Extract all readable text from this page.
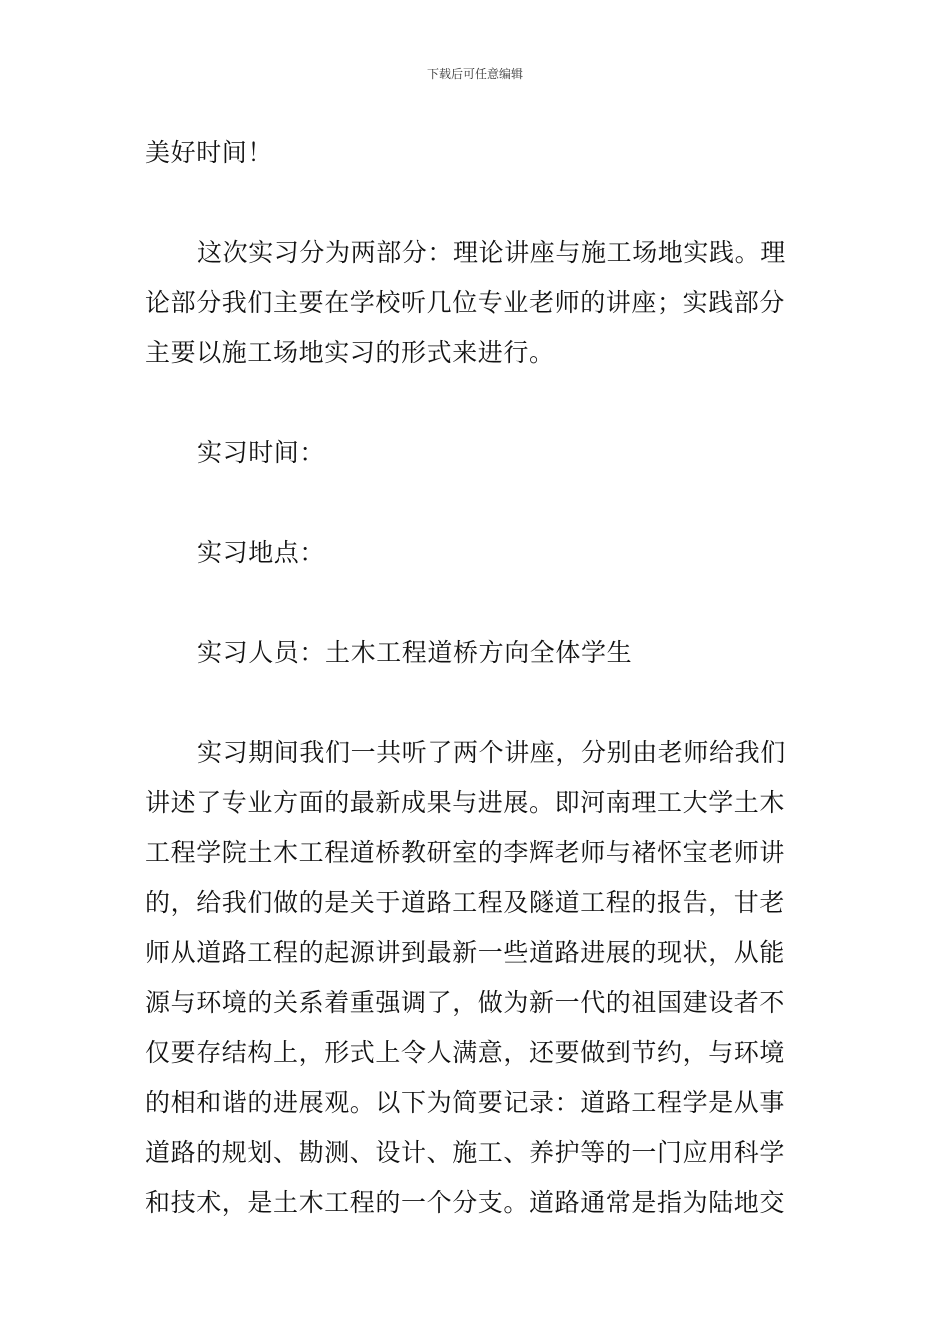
下载后可任意编辑

美好时间！

这次实习分为两部分：理论讲座与施工场地实践。理论部分我们主要在学校听几位专业老师的讲座；实践部分主要以施工场地实习的形式来进行。

实习时间：

实习地点：

实习人员：土木工程道桥方向全体学生

实习期间我们一共听了两个讲座，分别由老师给我们讲述了专业方面的最新成果与进展。即河南理工大学土木工程学院土木工程道桥教研室的李辉老师与褚怀宝老师讲的，给我们做的是关于道路工程及隧道工程的报告，甘老师从道路工程的起源讲到最新一些道路进展的现状，从能源与环境的关系着重强调了，做为新一代的祖国建设者不仅要存结构上，形式上令人满意，还要做到节约，与环境的相和谐的进展观。以下为简要记录：道路工程学是从事道路的规划、勘测、设计、施工、养护等的一门应用科学和技术，是土木工程的一个分支。道路通常是指为陆地交
